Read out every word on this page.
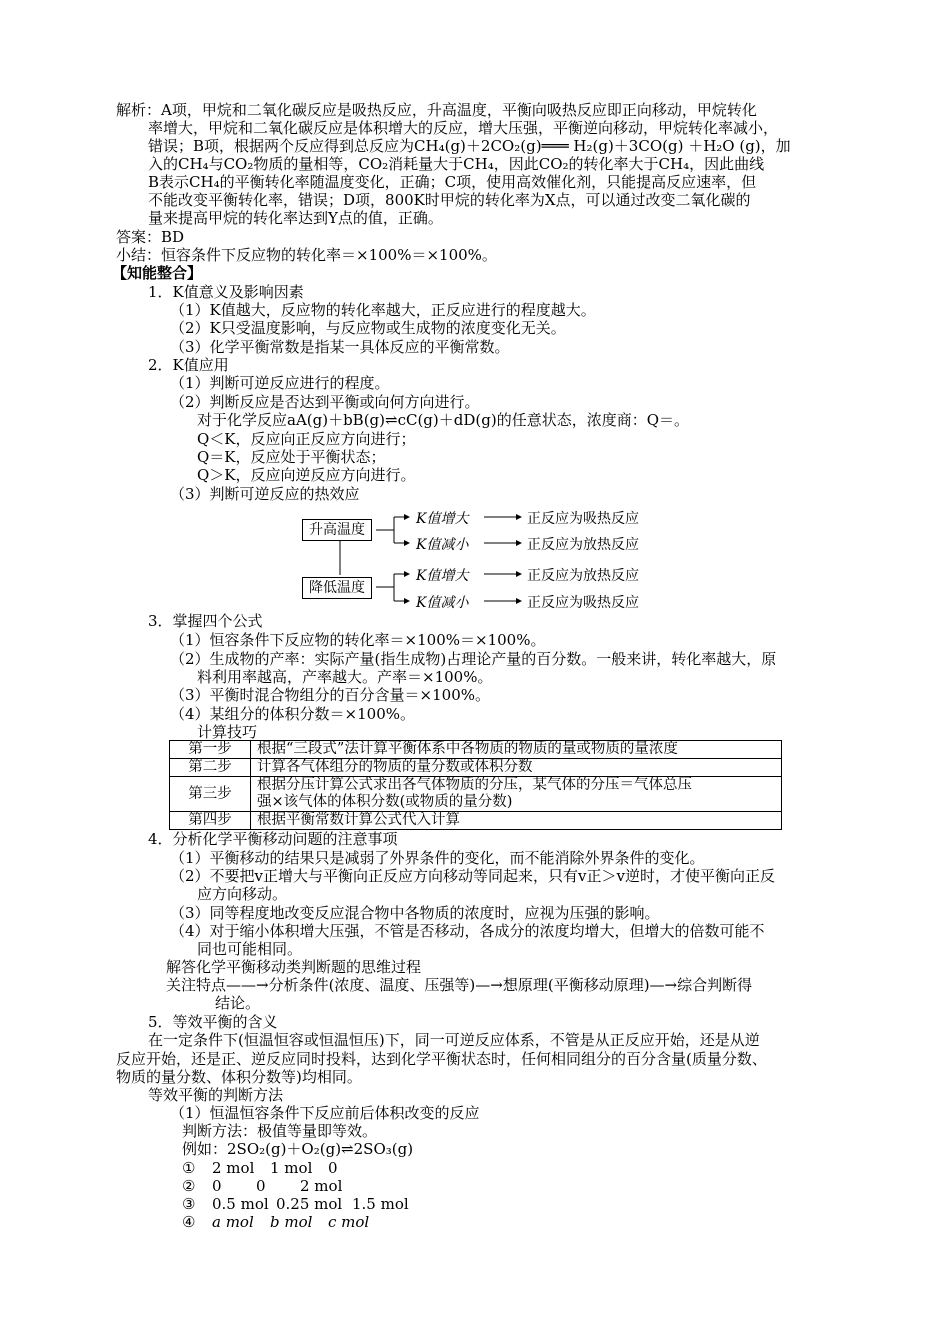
解析：A项，甲烷和二氧化碳反应是吸热反应，升高温度，平衡向吸热反应即正向移动，甲烷转化
率增大，甲烷和二氧化碳反应是体积增大的反应，增大压强，平衡逆向移动，甲烷转化率减小，
错误；B项，根据两个反应得到总反应为CH₄(g)＋2CO₂(g)═══ H₂(g)＋3CO(g) ＋H₂O (g)，加
入的CH₄与CO₂物质的量相等，CO₂消耗量大于CH₄，因此CO₂的转化率大于CH₄，因此曲线
B表示CH₄的平衡转化率随温度变化，正确；C项，使用高效催化剂，只能提高反应速率，但
不能改变平衡转化率，错误；D项，800K时甲烷的转化率为X点，可以通过改变二氧化碳的
量来提高甲烷的转化率达到Y点的值，正确。
答案：BD
小结：恒容条件下反应物的转化率＝×100%＝×100%。
【知能整合】
1．K值意义及影响因素
（1）K值越大，反应物的转化率越大，正反应进行的程度越大。
（2）K只受温度影响，与反应物或生成物的浓度变化无关。
（3）化学平衡常数是指某一具体反应的平衡常数。
2．K值应用
（1）判断可逆反应进行的程度。
（2）判断反应是否达到平衡或向何方向进行。
对于化学反应aA(g)＋bB(g)⇌cC(g)＋dD(g)的任意状态，浓度商：Q＝。
Q＜K，反应向正反应方向进行；
Q＝K，反应处于平衡状态；
Q＞K，反应向逆反应方向进行。
（3）判断可逆反应的热效应
升高温度
降低温度
K值增大
K值减小
K值增大
K值减小
正反应为吸热反应
正反应为放热反应
正反应为放热反应
正反应为吸热反应
3．掌握四个公式
（1）恒容条件下反应物的转化率＝×100%＝×100%。
（2）生成物的产率：实际产量(指生成物)占理论产量的百分数。一般来讲，转化率越大，原
料利用率越高，产率越大。产率＝×100%。
（3）平衡时混合物组分的百分含量＝×100%。
（4）某组分的体积分数＝×100%。
计算技巧
第一步	根据“三段式”法计算平衡体系中各物质的物质的量或物质的量浓度
第二步	计算各气体组分的物质的量分数或体积分数
第三步	根据分压计算公式求出各气体物质的分压，某气体的分压＝气体总压
强×该气体的体积分数(或物质的量分数)
第四步	根据平衡常数计算公式代入计算
4．分析化学平衡移动问题的注意事项
（1）平衡移动的结果只是减弱了外界条件的变化，而不能消除外界条件的变化。
（2）不要把v正增大与平衡向正反应方向移动等同起来，只有v正＞v逆时，才使平衡向正反
应方向移动。
（3）同等程度地改变反应混合物中各物质的浓度时，应视为压强的影响。
（4）对于缩小体积增大压强，不管是否移动，各成分的浓度均增大，但增大的倍数可能不
同也可能相同。
解答化学平衡移动类判断题的思维过程
关注特点——→分析条件(浓度、温度、压强等)—→想原理(平衡移动原理)—→综合判断得
结论。
5．等效平衡的含义
在一定条件下(恒温恒容或恒温恒压)下，同一可逆反应体系，不管是从正反应开始，还是从逆
反应开始，还是正、逆反应同时投料，达到化学平衡状态时，任何相同组分的百分含量(质量分数、
物质的量分数、体积分数等)均相同。
等效平衡的判断方法
（1）恒温恒容条件下反应前后体积改变的反应
判断方法：极值等量即等效。
例如：2SO₂(g)＋O₂(g)⇌2SO₃(g)
① 2 mol 1 mol 0
② 0 0 2 mol
③ 0.5 mol 0.25 mol 1.5 mol
④ a mol b mol c mol
